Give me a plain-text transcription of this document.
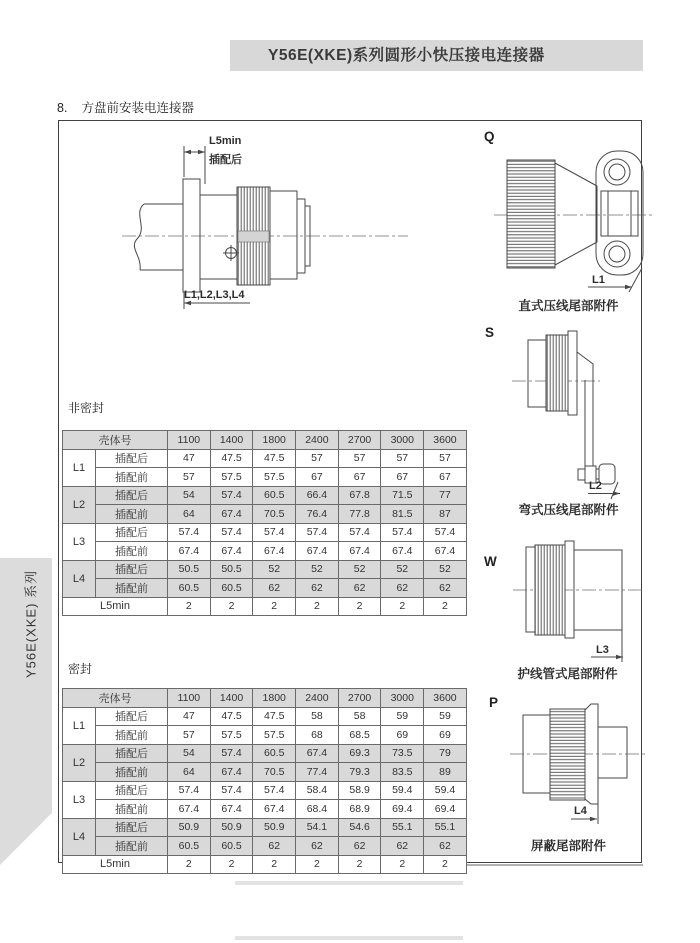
Y56E(XKE)系列圆形小快压接电连接器
8. 方盘前安装电连接器
Y56E(XKE) 系列
L5min
插配后
L1,L2,L3,L4
Q
S
W
P
L1
L2
L3
L4
直式压线尾部附件
弯式压线尾部附件
护线管式尾部附件
屏蔽尾部附件
非密封
密封
壳体号		1100	1400	1800	2400	2700	3000	3600
L1	插配后	47	47.5	47.5	57	57	57	57
	插配前	57	57.5	57.5	67	67	67	67
L2	插配后	54	57.4	60.5	66.4	67.8	71.5	77
	插配前	64	67.4	70.5	76.4	77.8	81.5	87
L3	插配后	57.4	57.4	57.4	57.4	57.4	57.4	57.4
	插配前	67.4	67.4	67.4	67.4	67.4	67.4	67.4
L4	插配后	50.5	50.5	52	52	52	52	52
	插配前	60.5	60.5	62	62	62	62	62
L5min		2	2	2	2	2	2	2
壳体号		1100	1400	1800	2400	2700	3000	3600
L1	插配后	47	47.5	47.5	58	58	59	59
	插配前	57	57.5	57.5	68	68.5	69	69
L2	插配后	54	57.4	60.5	67.4	69.3	73.5	79
	插配前	64	67.4	70.5	77.4	79.3	83.5	89
L3	插配后	57.4	57.4	57.4	58.4	58.9	59.4	59.4
	插配前	67.4	67.4	67.4	68.4	68.9	69.4	69.4
L4	插配后	50.9	50.9	50.9	54.1	54.6	55.1	55.1
	插配前	60.5	60.5	62	62	62	62	62
L5min		2	2	2	2	2	2	2
